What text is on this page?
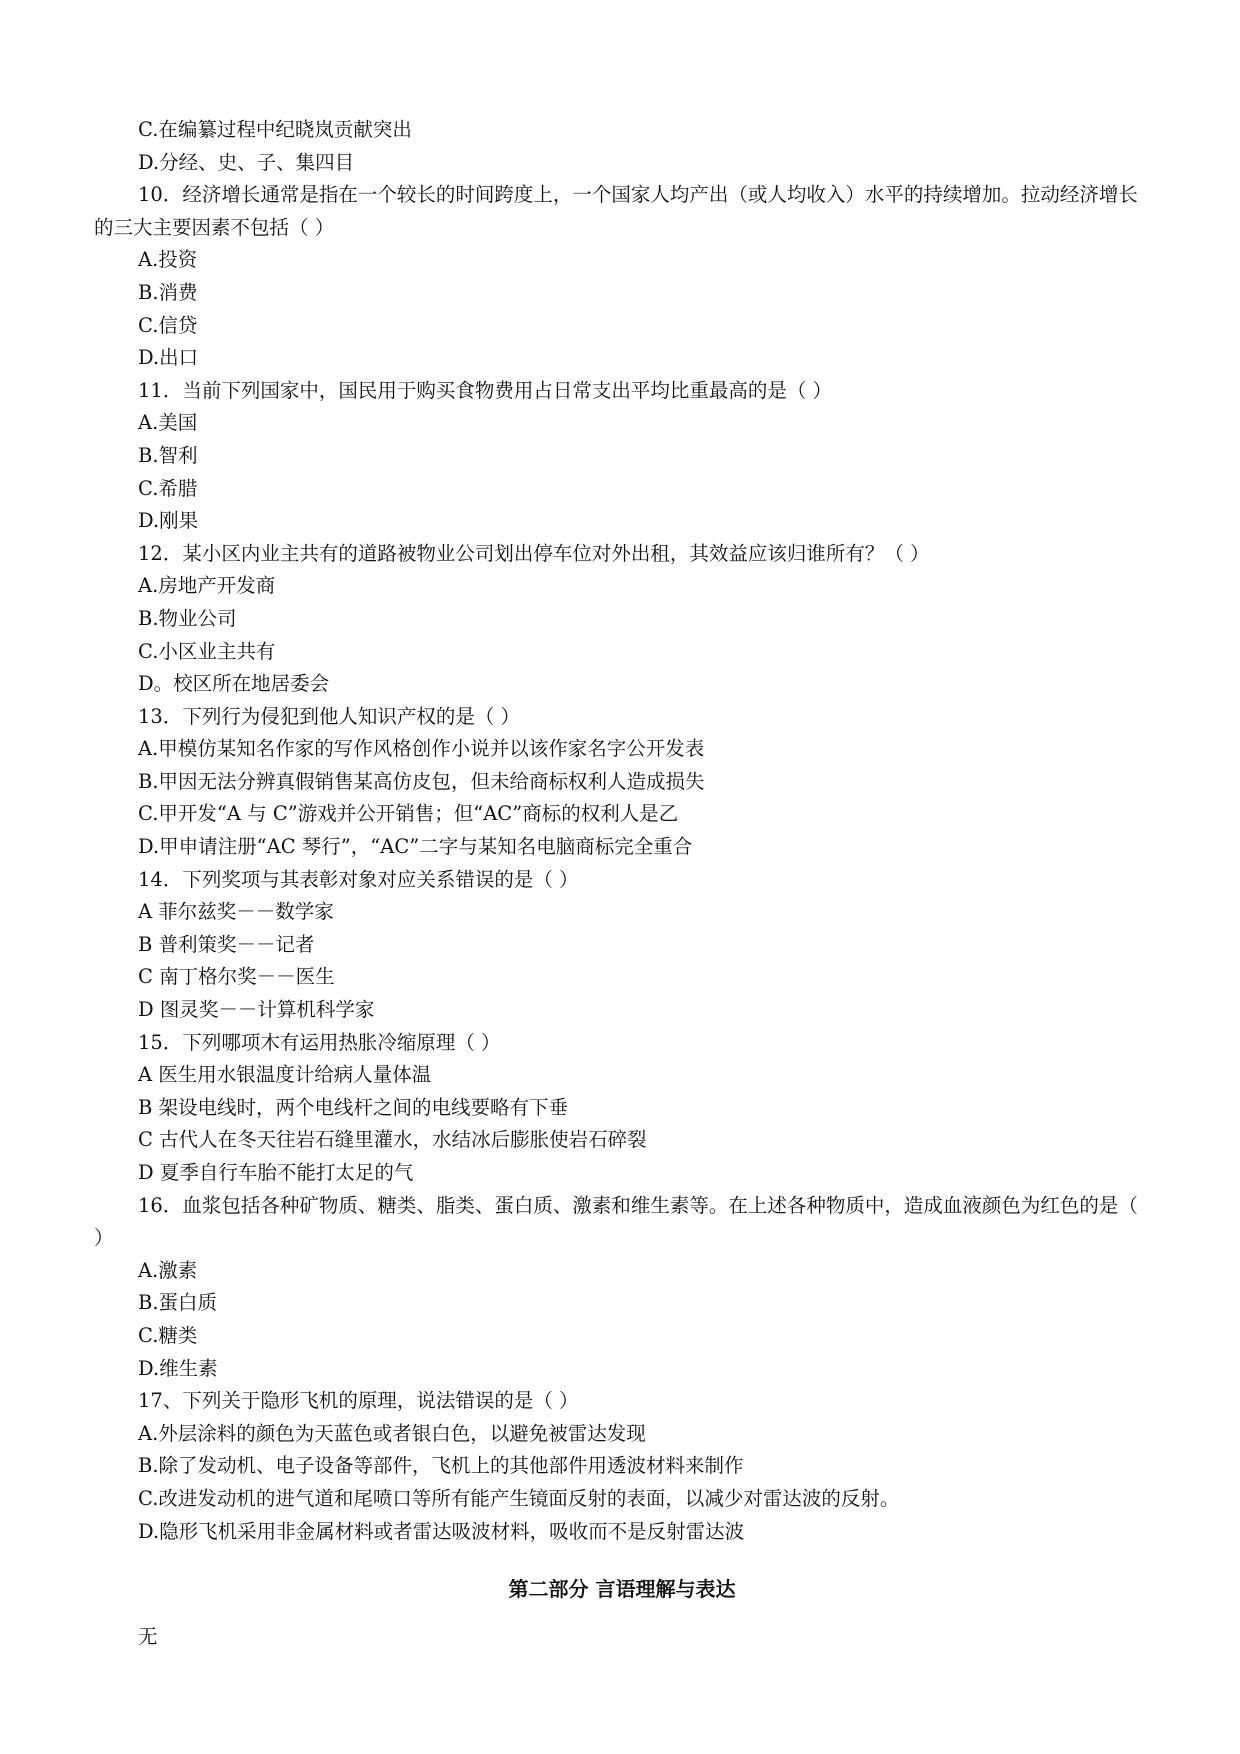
C.在编纂过程中纪晓岚贡献突出
D.分经、史、子、集四目
10．经济增长通常是指在一个较长的时间跨度上，一个国家人均产出（或人均收入）水平的持续增加。拉动经济增长的三大主要因素不包括（ ）
A.投资
B.消费
C.信贷
D.出口
11．当前下列国家中，国民用于购买食物费用占日常支出平均比重最高的是（ ）
A.美国
B.智利
C.希腊
D.刚果
12．某小区内业主共有的道路被物业公司划出停车位对外出租，其效益应该归谁所有？（ ）
A.房地产开发商
B.物业公司
C.小区业主共有
D。校区所在地居委会
13．下列行为侵犯到他人知识产权的是（ ）
A.甲模仿某知名作家的写作风格创作小说并以该作家名字公开发表
B.甲因无法分辨真假销售某高仿皮包，但未给商标权利人造成损失
C.甲开发“A 与 C”游戏并公开销售；但“AC”商标的权利人是乙
D.甲申请注册“AC 琴行”，“AC”二字与某知名电脑商标完全重合
14．下列奖项与其表彰对象对应关系错误的是（ ）
A 菲尔兹奖－－数学家
B 普利策奖－－记者
C 南丁格尔奖－－医生
D 图灵奖－－计算机科学家
15．下列哪项木有运用热胀冷缩原理（ ）
A 医生用水银温度计给病人量体温
B 架设电线时，两个电线杆之间的电线要略有下垂
C 古代人在冬天往岩石缝里灌水，水结冰后膨胀使岩石碎裂
D 夏季自行车胎不能打太足的气
16．血浆包括各种矿物质、糖类、脂类、蛋白质、激素和维生素等。在上述各种物质中，造成血液颜色为红色的是（ ）
A.激素
B.蛋白质
C.糖类
D.维生素
17、下列关于隐形飞机的原理，说法错误的是（ ）
A.外层涂料的颜色为天蓝色或者银白色，以避免被雷达发现
B.除了发动机、电子设备等部件，飞机上的其他部件用透波材料来制作
C.改进发动机的进气道和尾喷口等所有能产生镜面反射的表面，以减少对雷达波的反射。
D.隐形飞机采用非金属材料或者雷达吸波材料，吸收而不是反射雷达波
第二部分 言语理解与表达
无
